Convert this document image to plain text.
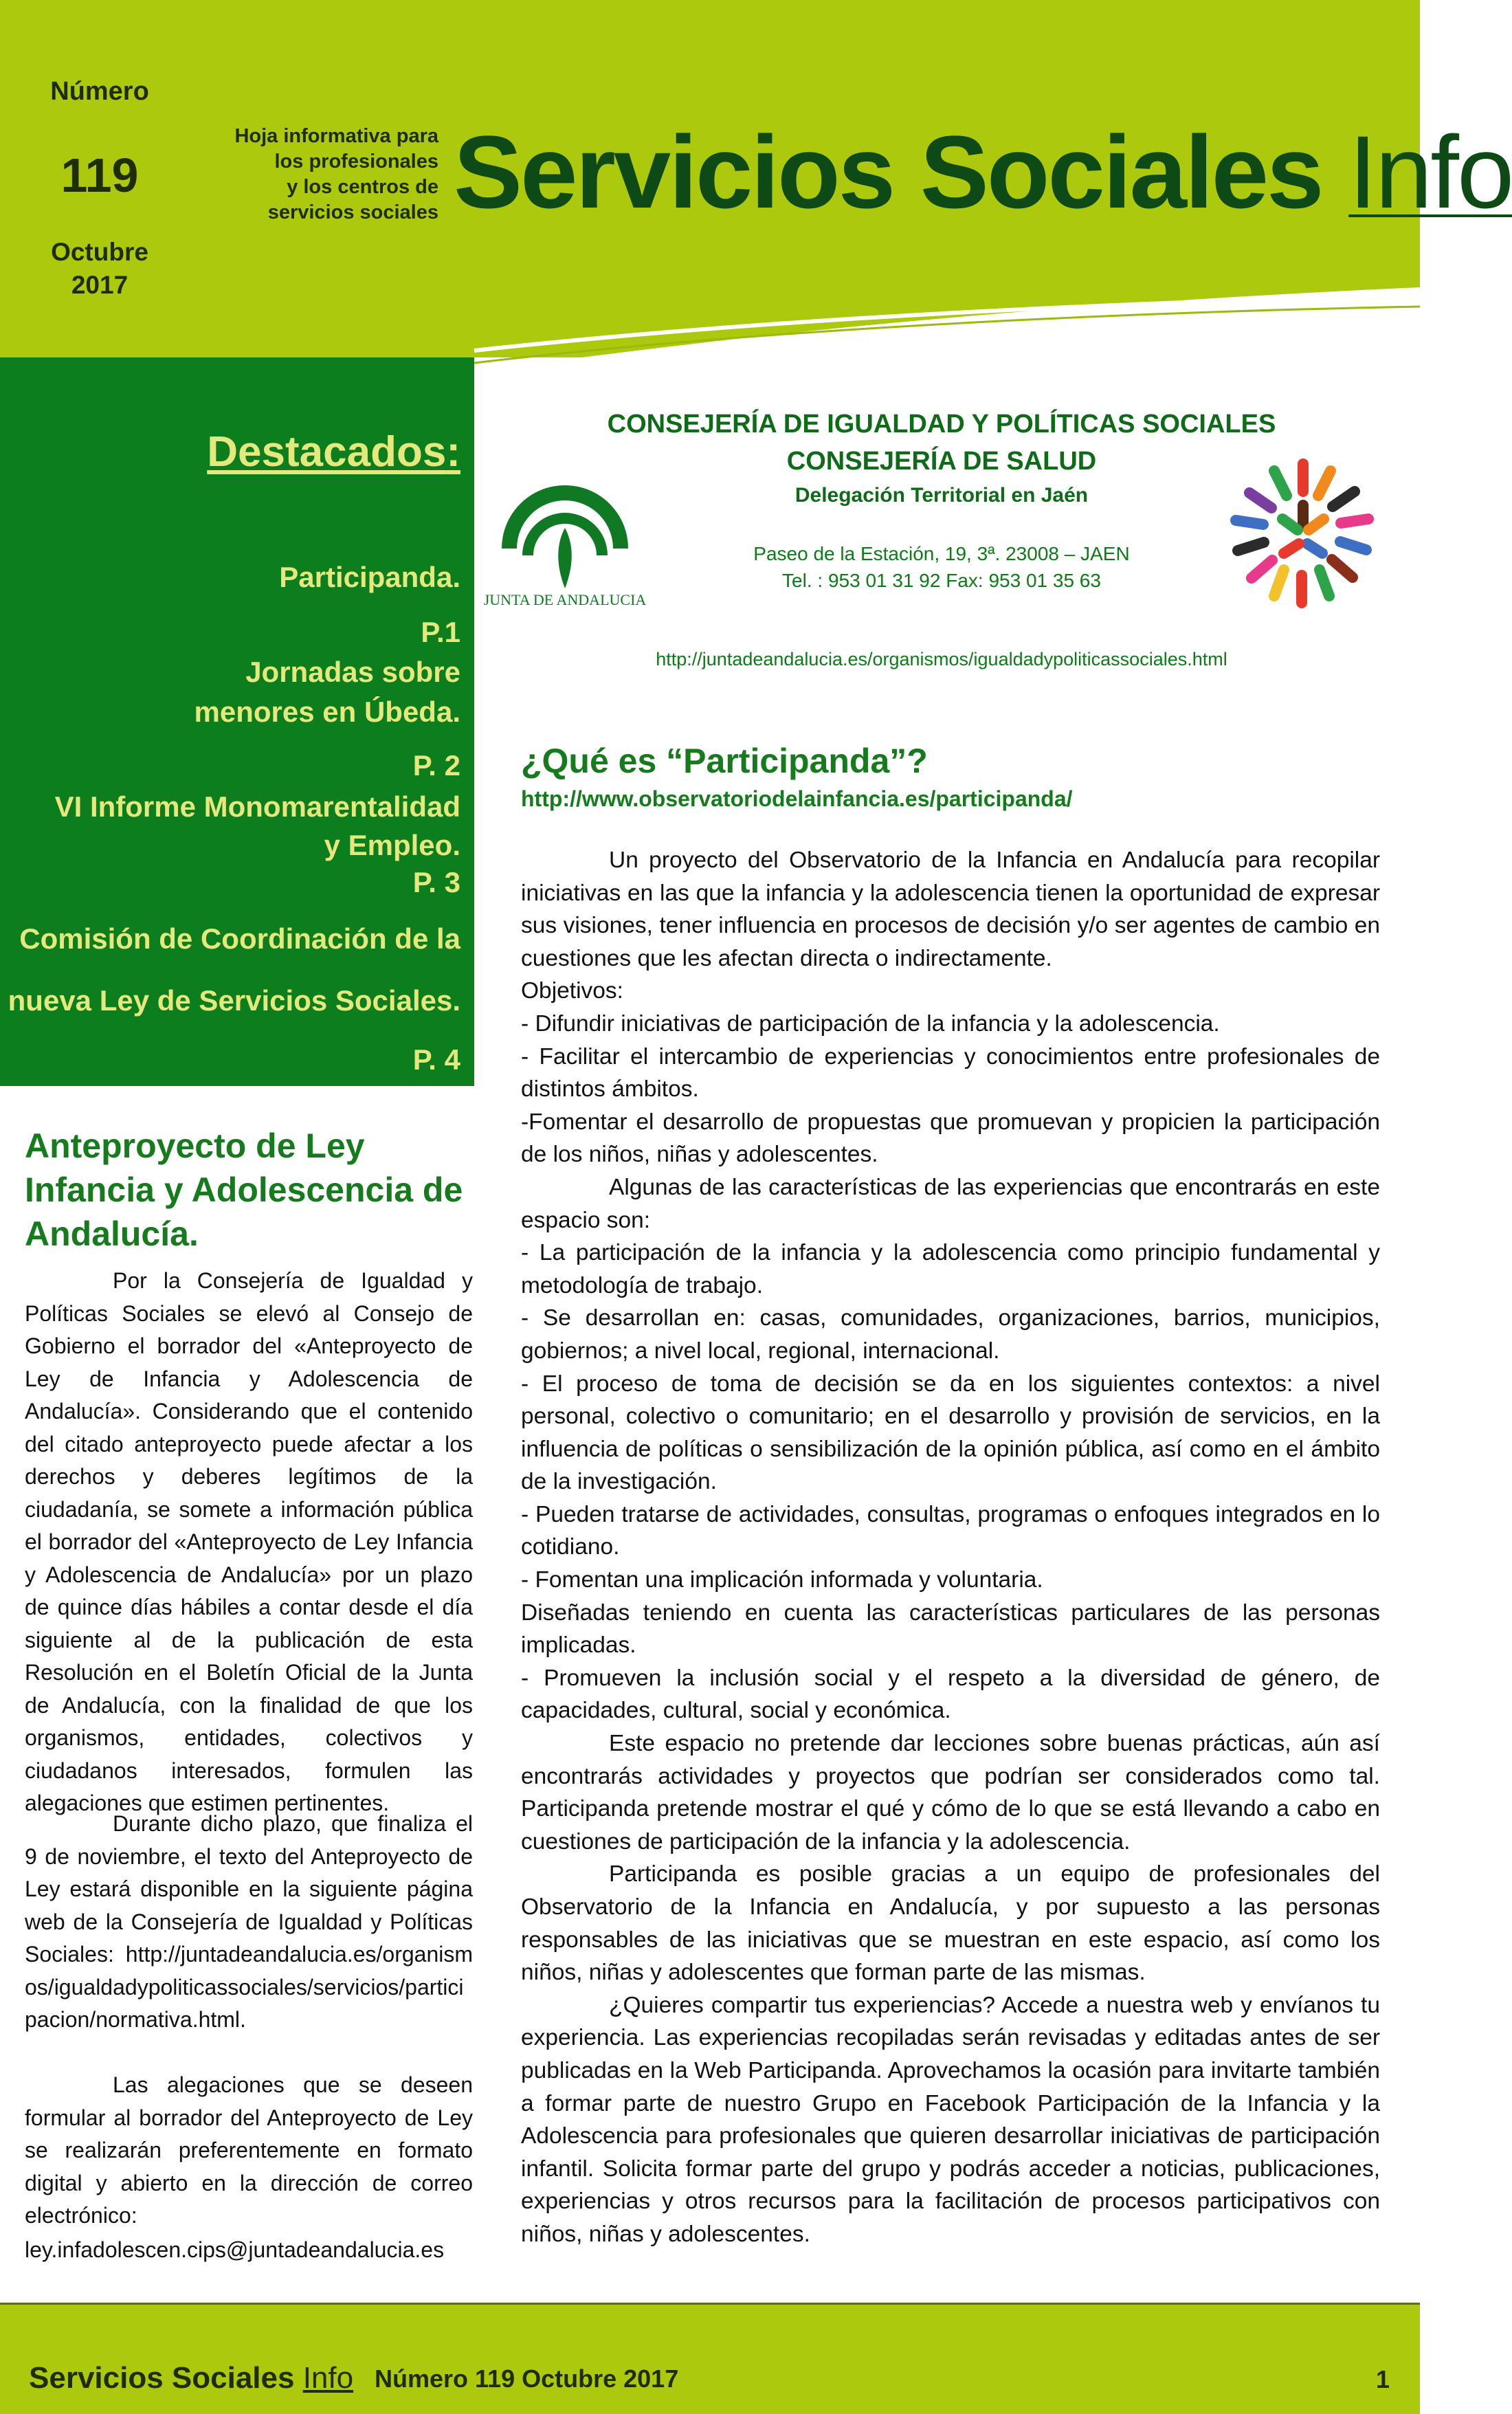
Número
119
Octubre
2017
Hoja informativa para
los profesionales
y los centros de
servicios sociales Servicios Sociales Info
Destacados:
Participanda.
P.1
Jornadas sobre
menores en Úbeda.
P. 2
VI Informe Monomarentalidad
y Empleo.
P. 3
Comisión de Coordinación de la
nueva Ley de Servicios Sociales.
P. 4
JUNTA DE ANDALUCIA
CONSEJERÍA DE IGUALDAD Y POLÍTICAS SOCIALES
CONSEJERÍA DE SALUD
Delegación Territorial en Jaén
Paseo de la Estación, 19, 3ª. 23008 – JAEN
Tel. : 953 01 31 92 Fax: 953 01 35 63
http://juntadeandalucia.es/organismos/igualdadypoliticassociales.html
Anteproyecto de Ley Infancia y Adolescencia de Andalucía.
Por la Consejería de Igualdad y Políticas Sociales se elevó al Consejo de Gobierno el borrador del «Anteproyecto de Ley de Infancia y Adolescencia de Andalucía». Considerando que el contenido del citado anteproyecto puede afectar a los derechos y deberes legítimos de la ciudadanía, se somete a información pública el borrador del «Anteproyecto de Ley Infancia y Adolescencia de Andalucía» por un plazo de quince días hábiles a contar desde el día siguiente al de la publicación de esta Resolución en el Boletín Oficial de la Junta de Andalucía, con la finalidad de que los organismos, entidades, colectivos y ciudadanos interesados, formulen las alegaciones que estimen pertinentes.
Durante dicho plazo, que finaliza el 9 de noviembre, el texto del Anteproyecto de Ley estará disponible en la siguiente página web de la Consejería de Igualdad y Políticas Sociales: http://juntadeandalucia.es/organismos/igualdadypoliticassociales/servicios/participacion/normativa.html.
Las alegaciones que se deseen formular al borrador del Anteproyecto de Ley se realizarán preferentemente en formato digital y abierto en la dirección de correo electrónico:
ley.infadolescen.cips@juntadeandalucia.es
¿Qué es “Participanda”?
http://www.observatoriodelainfancia.es/participanda/

Un proyecto del Observatorio de la Infancia en Andalucía para recopilar iniciativas en las que la infancia y la adolescencia tienen la oportunidad de expresar sus visiones, tener influencia en procesos de decisión y/o ser agentes de cambio en cuestiones que les afectan directa o indirectamente.

Objetivos:

- Difundir iniciativas de participación de la infancia y la adolescencia.

- Facilitar el intercambio de experiencias y conocimientos entre profesionales de distintos ámbitos.

-Fomentar el desarrollo de propuestas que promuevan y propicien la participación de los niños, niñas y adolescentes.

Algunas de las características de las experiencias que encontrarás en este espacio son:

- La participación de la infancia y la adolescencia como principio fundamental y metodología de trabajo.

- Se desarrollan en: casas, comunidades, organizaciones, barrios, municipios, gobiernos; a nivel local, regional, internacional.

- El proceso de toma de decisión se da en los siguientes contextos: a nivel personal, colectivo o comunitario; en el desarrollo y provisión de servicios, en la influencia de políticas o sensibilización de la opinión pública, así como en el ámbito de la investigación.

- Pueden tratarse de actividades, consultas, programas o enfoques integrados en lo cotidiano.

- Fomentan una implicación informada y voluntaria.

Diseñadas teniendo en cuenta las características particulares de las personas implicadas.

- Promueven la inclusión social y el respeto a la diversidad de género, de capacidades, cultural, social y económica.

Este espacio no pretende dar lecciones sobre buenas prácticas, aún así encontrarás actividades y proyectos que podrían ser considerados como tal. Participanda pretende mostrar el qué y cómo de lo que se está llevando a cabo en cuestiones de participación de la infancia y la adolescencia.

Participanda es posible gracias a un equipo de profesionales del Observatorio de la Infancia en Andalucía, y por supuesto a las personas responsables de las iniciativas que se muestran en este espacio, así como los niños, niñas y adolescentes que forman parte de las mismas.

¿Quieres compartir tus experiencias? Accede a nuestra web y envíanos tu experiencia. Las experiencias recopiladas serán revisadas y editadas antes de ser publicadas en la Web Participanda. Aprovechamos la ocasión para invitarte también a formar parte de nuestro Grupo en Facebook Participación de la Infancia y la Adolescencia para profesionales que quieren desarrollar iniciativas de participación infantil. Solicita formar parte del grupo y podrás acceder a noticias, publicaciones, experiencias y otros recursos para la facilitación de procesos participativos con niños, niñas y adolescentes.

Servicios Sociales Info Número 119 Octubre 2017	1
